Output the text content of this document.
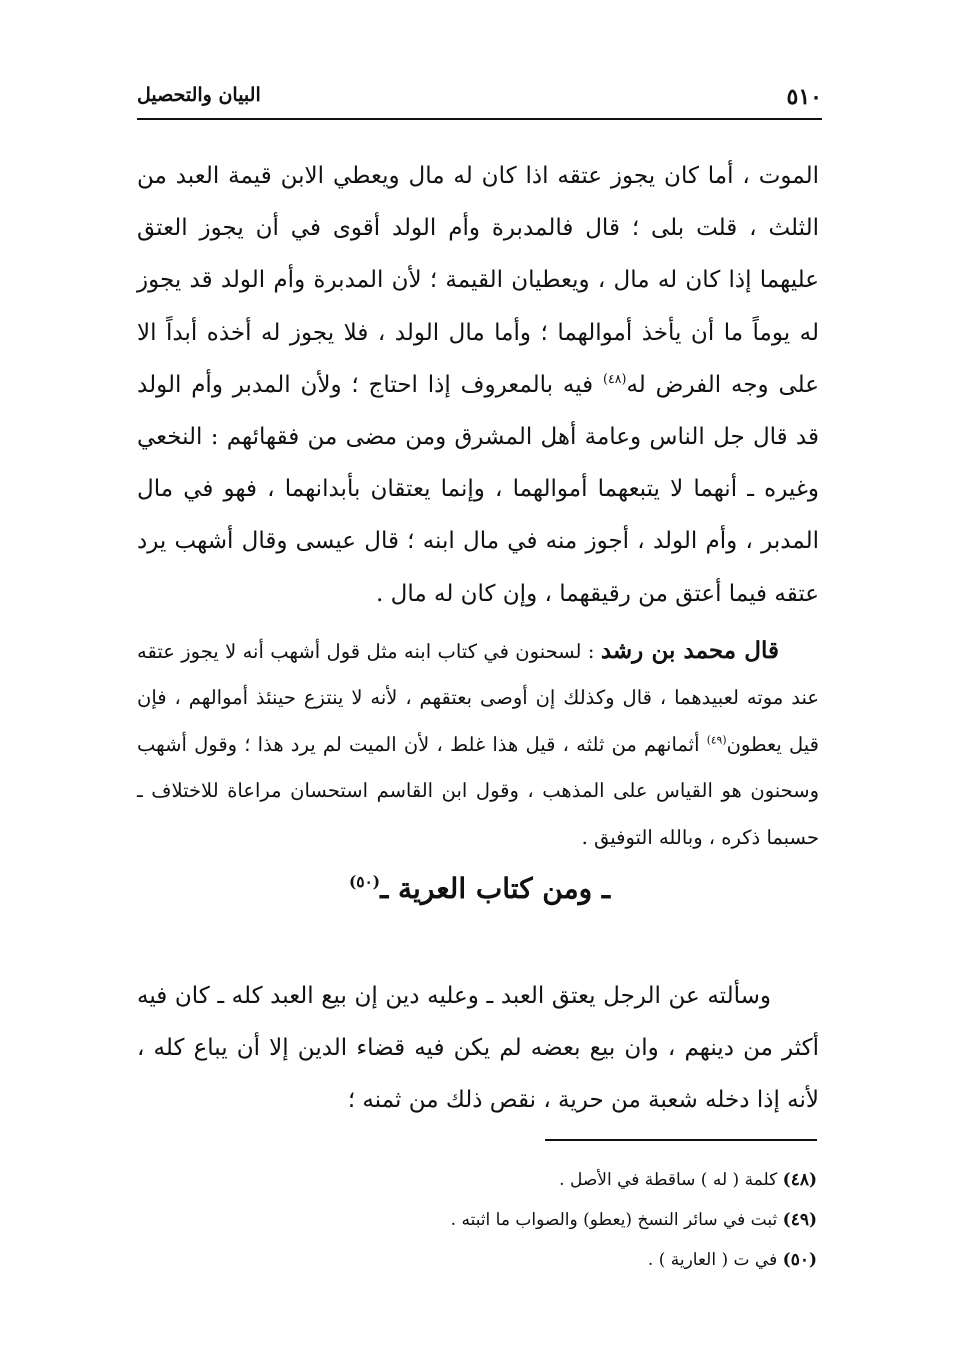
٥١٠
البيان والتحصيل

الموت ، أما كان يجوز عتقه اذا كان له مال ويعطي الابن قيمة العبد من الثلث ، قلت بلى ؛ قال فالمدبرة وأم الولد أقوى في أن يجوز العتق عليهما إذا كان له مال ، ويعطيان القيمة ؛ لأن المدبرة وأم الولد قد يجوز له يوماً ما أن يأخذ أموالهما ؛ وأما مال الولد ، فلا يجوز له أخذه أبداً الا على وجه الفرض له$^{(٤٨)}$ فيه بالمعروف إذا احتاج ؛ ولأن المدبر وأم الولد قد قال جل الناس وعامة أهل المشرق ومن مضى من فقهائهم : النخعي وغيره ـ أنهما لا يتبعهما أموالهما ، وإنما يعتقان بأبدانهما ، فهو في مال المدبر ، وأم الولد ، أجوز منه في مال ابنه ؛ قال عيسى وقال أشهب يرد عتقه فيما أعتق من رقيقهما ، وإن كان له مال .

قال محمد بن رشد : لسحنون في كتاب ابنه مثل قول أشهب أنه لا يجوز عتقه عند موته لعبيدهما ، قال وكذلك إن أوصى بعتقهم ، لأنه لا ينتزع حينئذ أموالهم ، فإن قيل يعطون$^{(٤٩)}$ أثمانهم من ثلثه ، قيل هذا غلط ، لأن الميت لم يرد هذا ؛ وقول أشهب وسحنون هو القياس على المذهب ، وقول ابن القاسم استحسان مراعاة للاختلاف ـ حسبما ذكره ، وبالله التوفيق .

ـ ومن كتاب العرية ـ$^{(٥٠)}$

وسألته عن الرجل يعتق العبد ـ وعليه دين إن بيع العبد كله ـ كان فيه أكثر من دينهم ، وان بيع بعضه لم يكن فيه قضاء الدين إلا أن يباع كله ، لأنه إذا دخله شعبة من حرية ، نقص ذلك من ثمنه ؛

(٤٨) كلمة ( له ) ساقطة في الأصل .
(٤٩) ثبت في سائر النسخ (يعطو) والصواب ما اثبته .
(٥٠) في ت ( العارية ) .
